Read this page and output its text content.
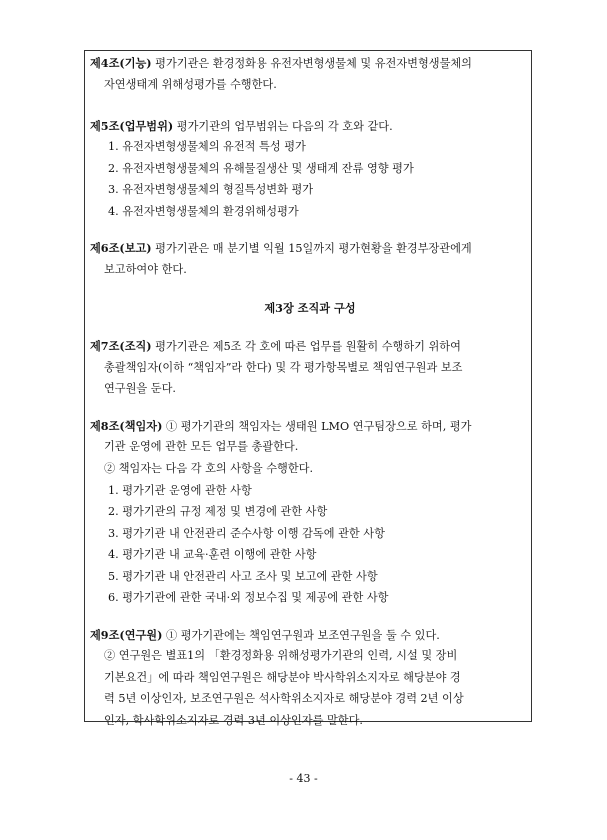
제4조(기능) 평가기관은 환경정화용 유전자변형생물체 및 유전자변형생물체의
자연생태계 위해성평가를 수행한다.
제5조(업무범위) 평가기관의 업무범위는 다음의 각 호와 같다.
1. 유전자변형생물체의 유전적 특성 평가
2. 유전자변형생물체의 유해물질생산 및 생태계 잔류 영향 평가
3. 유전자변형생물체의 형질특성변화 평가
4. 유전자변형생물체의 환경위해성평가
제6조(보고) 평가기관은 매 분기별 익월 15일까지 평가현황을 환경부장관에게
보고하여야 한다.
제3장 조직과 구성
제7조(조직) 평가기관은 제5조 각 호에 따른 업무를 원활히 수행하기 위하여
총괄책임자(이하 “책임자”라 한다) 및 각 평가항목별로 책임연구원과 보조
연구원을 둔다.
제8조(책임자) ① 평가기관의 책임자는 생태원 LMO 연구팀장으로 하며, 평가
기관 운영에 관한 모든 업무를 총괄한다.
② 책임자는 다음 각 호의 사항을 수행한다.
1. 평가기관 운영에 관한 사항
2. 평가기관의 규정 제정 및 변경에 관한 사항
3. 평가기관 내 안전관리 준수사항 이행 감독에 관한 사항
4. 평가기관 내 교육·훈련 이행에 관한 사항
5. 평가기관 내 안전관리 사고 조사 및 보고에 관한 사항
6. 평가기관에 관한 국내·외 정보수집 및 제공에 관한 사항
제9조(연구원) ① 평가기관에는 책임연구원과 보조연구원을 둘 수 있다.
② 연구원은 별표1의 「환경정화용 위해성평가기관의 인력, 시설 및 장비
기본요건」에 따라 책임연구원은 해당분야 박사학위소지자로 해당분야 경
력 5년 이상인자, 보조연구원은 석사학위소지자로 해당분야 경력 2년 이상
인자, 학사학위소지자로 경력 3년 이상인자를 말한다.
- 43 -
